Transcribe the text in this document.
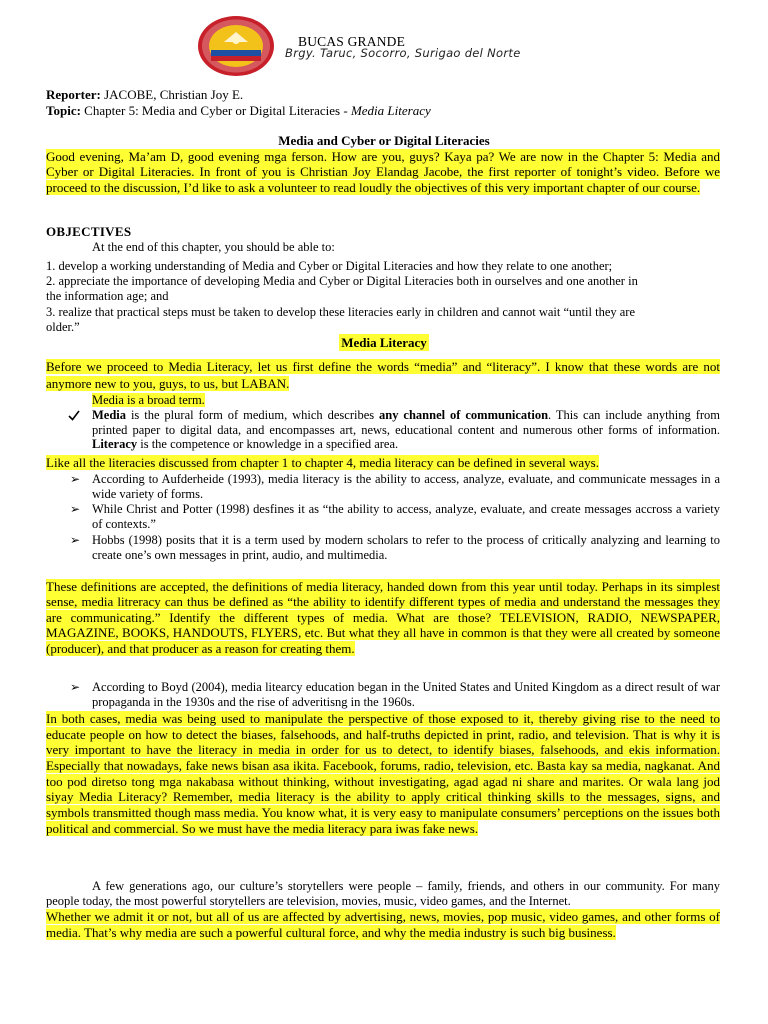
BUCAS GRANDE
Brgy. Taruc, Socorro, Surigao del Norte
Reporter: JACOBE, Christian Joy E.
Topic: Chapter 5: Media and Cyber or Digital Literacies - Media Literacy
Media and Cyber or Digital Literacies
Good evening, Ma’am D, good evening mga ferson. How are you, guys? Kaya pa? We are now in the Chapter 5: Media and Cyber or Digital Literacies. In front of you is Christian Joy Elandag Jacobe, the first reporter of tonight’s video. Before we proceed to the discussion, I’d like to ask a volunteer to read loudly the objectives of this very important chapter of our course.
OBJECTIVES
At the end of this chapter, you should be able to:
1. develop a working understanding of Media and Cyber or Digital Literacies and how they relate to one another;
2. appreciate the importance of developing Media and Cyber or Digital Literacies both in ourselves and one another in
the information age; and
3. realize that practical steps must be taken to develop these literacies early in children and cannot wait “until they are
older.”
Media Literacy
Before we proceed to Media Literacy, let us first define the words “media” and “literacy”. I know that these words are not anymore new to you, guys, to us, but LABAN.
Media is a broad term.
Media is the plural form of medium, which describes any channel of communication. This can include anything from printed paper to digital data, and encompasses art, news, educational content and numerous other forms of information. Literacy is the competence or knowledge in a specified area.
Like all the literacies discussed from chapter 1 to chapter 4, media literacy can be defined in several ways.
➢ According to Aufderheide (1993), media literacy is the ability to access, analyze, evaluate, and communicate messages in a wide variety of forms.
➢ While Christ and Potter (1998) desfines it as “the ability to access, analyze, evaluate, and create messages accross a variety of contexts.”
➢ Hobbs (1998) posits that it is a term used by modern scholars to refer to the process of critically analyzing and learning to create one’s own messages in print, audio, and multimedia.
These definitions are accepted, the definitions of media literacy, handed down from this year until today. Perhaps in its simplest sense, media litreracy can thus be defined as “the ability to identify different types of media and understand the messages they are communicating.” Identify the different types of media. What are those? TELEVISION, RADIO, NEWSPAPER, MAGAZINE, BOOKS, HANDOUTS, FLYERS, etc. But what they all have in common is that they were all created by someone (producer), and that producer as a reason for creating them.
➢ According to Boyd (2004), media litearcy education began in the United States and United Kingdom as a direct result of war propaganda in the 1930s and the rise of adveritisng in the 1960s.
In both cases, media was being used to manipulate the perspective of those exposed to it, thereby giving rise to the need to educate people on how to detect the biases, falsehoods, and half-truths depicted in print, radio, and television. That is why it is very important to have the literacy in media in order for us to detect, to identify biases, falsehoods, and ekis information. Especially that nowadays, fake news bisan asa ikita. Facebook, forums, radio, television, etc. Basta kay sa media, nagkanat. And too pod diretso tong mga nakabasa without thinking, without investigating, agad agad ni share and marites. Or wala lang jod siyay Media Literacy? Remember, media literacy is the ability to apply critical thinking skills to the messages, signs, and symbols transmitted though mass media. You know what, it is very easy to manipulate consumers’ perceptions on the issues both political and commercial. So we must have the media literacy para iwas fake news.
A few generations ago, our culture’s storytellers were people – family, friends, and others in our community. For many people today, the most powerful storytellers are television, movies, music, video games, and the Internet.
Whether we admit it or not, but all of us are affected by advertising, news, movies, pop music, video games, and other forms of media. That’s why media are such a powerful cultural force, and why the media industry is such big business.
